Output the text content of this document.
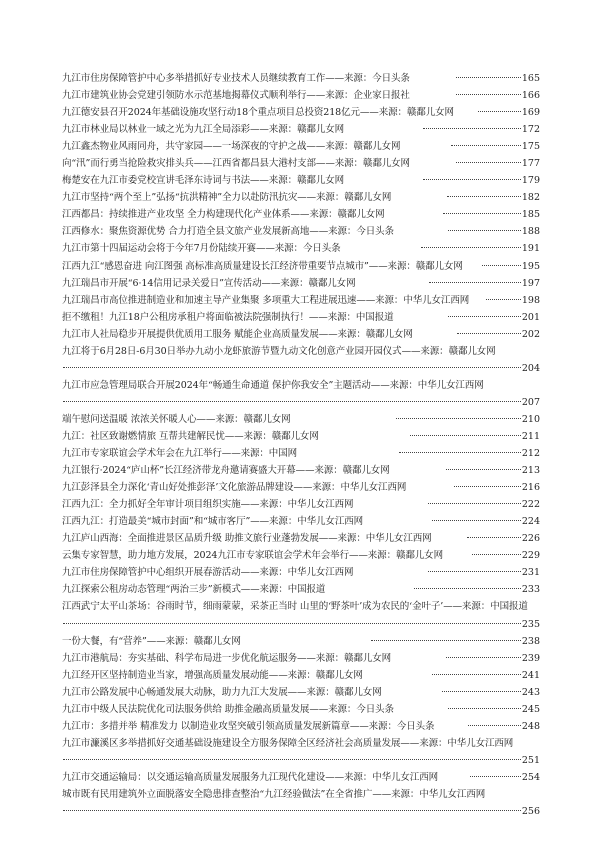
九江市住房保障管护中心多举措抓好专业技术人员继续教育工作——来源：今日头条	165
九江市建筑业协会党建引领防水示范基地揭幕仪式顺利举行——来源：企业家日报社	166
九江德安县召开2024年基础设施攻坚行动18个重点项目总投资218亿元——来源：赣鄱儿女网	169
九江市林业局以林业一域之光为九江全局添彩——来源：赣鄱儿女网	172
九江鑫杰物业风雨同舟，共守家园——一场深夜的守护之战——来源：赣鄱儿女网	175
向“汛”而行勇当抢险救灾排头兵——江西省都昌县大港村支部——来源：赣鄱儿女网	177
梅楚安在九江市委党校宣讲毛泽东诗词与书法——来源：赣鄱儿女网	179
九江市坚持“两个至上”弘扬“抗洪精神”全力以赴防汛抗灾——来源：赣鄱儿女网	182
江西都昌：持续推进产业攻坚 全力构建现代化产业体系——来源：赣鄱儿女网	185
江西修水：聚焦资源优势 合力打造全县文旅产业发展新高地——来源：今日头条	188
九江市第十四届运动会将于今年7月份陆续开赛——来源：今日头条	191
江西九江“感恩奋进 向江图强 高标准高质量建设长江经济带重要节点城市”——来源：赣鄱儿女网	195
九江瑞昌市开展“6·14信用记录关爱日”宣传活动——来源：赣鄱儿女网	197
九江瑞昌市高位推进制造业和加速主导产业集聚 多项重大工程进展迅速——来源：中华儿女江西网	198
拒不缴租！九江18户公租房承租户将面临被法院强制执行！——来源：中国报道	201
九江市人社局稳步开展提供优质用工服务 赋能企业高质量发展——来源：赣鄱儿女网	202
九江将于6月28日-6月30日举办九动小龙虾旅游节暨九动文化创意产业园开园仪式——来源：赣鄱儿女网
204
九江市应急管理局联合开展2024年“畅通生命通道 保护你我安全”主题活动——来源：中华儿女江西网
207
端午慰问送温暖 浓浓关怀暖人心——来源：赣鄱儿女网	210
九江：社区致谢燃情旅 互帮共建解民忧——来源：赣鄱儿女网	211
九江市专家联谊会学术年会在九江举行——来源：中国网	212
九江银行·2024“庐山杯”长江经济带龙舟邀请赛盛大开幕——来源：赣鄱儿女网	213
九江彭泽县全力深化‘青山好处推彭泽’文化旅游品牌建设——来源：中华儿女江西网	216
江西九江：全力抓好全年审计项目组织实施——来源：中华儿女江西网	222
江西九江：打造最美“城市封面”和“城市客厅”——来源：中华儿女江西网	224
九江庐山西海：全面推进景区品质升级 助推文旅行业蓬勃发展——来源：中华儿女江西网	226
云集专家智慧，助力地方发展，2024九江市专家联谊会学术年会举行——来源：赣鄱儿女网	229
九江市住房保障管护中心组织开展春游活动——来源：中华儿女江西网	231
九江探索公租房动态管理“两治三步”新模式——来源：中国报道	233
江西武宁太平山茶场：谷雨时节，细雨蒙蒙，采茶正当时 山里的‘野茶叶’成为农民的‘金叶子’——来源：中国报道
235
一份大餐，有“营养”——来源：赣鄱儿女网	238
九江市港航局：夯实基础、科学布局进一步优化航运服务——来源：赣鄱儿女网	239
九江经开区坚持制造业当家，增强高质量发展动能——来源：赣鄱儿女网	241
九江市公路发展中心畅通发展大动脉，助力九江大发展——来源：赣鄱儿女网	243
九江市中级人民法院优化司法服务供给 助推金融高质量发展——来源：今日头条	245
九江市：多措并举 精准发力 以制造业攻坚突破引领高质量发展新篇章——来源：今日头条	248
九江市濂溪区多举措抓好交通基础设施建设全方服务保障全区经济社会高质量发展——来源：中华儿女江西网
251
九江市交通运输局：以交通运输高质量发展服务九江现代化建设——来源：中华儿女江西网	254
城市既有民用建筑外立面脱落安全隐患排查整治“九江经验做法”在全省推广——来源：中华儿女江西网
256
